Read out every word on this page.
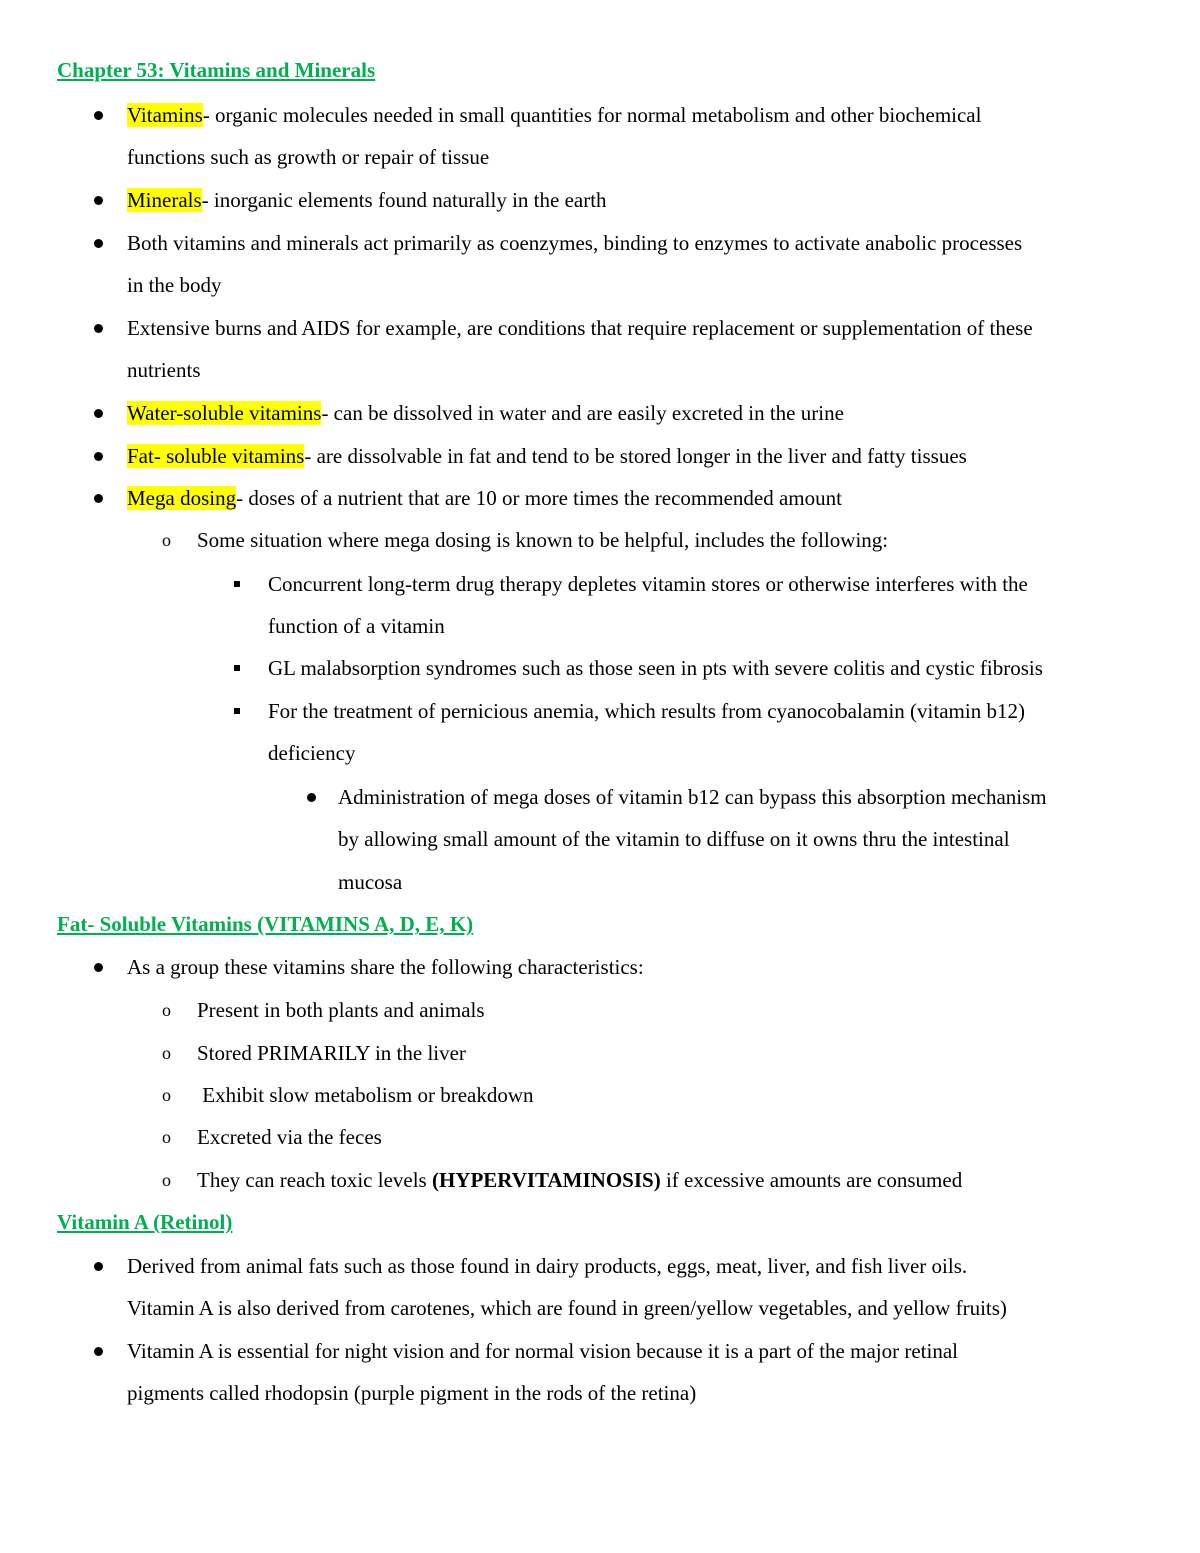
Chapter 53: Vitamins and Minerals

Vitamins- organic molecules needed in small quantities for normal metabolism and other biochemical

functions such as growth or repair of tissue

Minerals- inorganic elements found naturally in the earth

Both vitamins and minerals act primarily as coenzymes, binding to enzymes to activate anabolic processes

in the body

Extensive burns and AIDS for example, are conditions that require replacement or supplementation of these

nutrients

Water-soluble vitamins- can be dissolved in water and are easily excreted in the urine

Fat- soluble vitamins- are dissolvable in fat and tend to be stored longer in the liver and fatty tissues

Mega dosing- doses of a nutrient that are 10 or more times the recommended amount

o Some situation where mega dosing is known to be helpful, includes the following:

Concurrent long-term drug therapy depletes vitamin stores or otherwise interferes with the

function of a vitamin

GL malabsorption syndromes such as those seen in pts with severe colitis and cystic fibrosis

For the treatment of pernicious anemia, which results from cyanocobalamin (vitamin b12)

deficiency

Administration of mega doses of vitamin b12 can bypass this absorption mechanism

by allowing small amount of the vitamin to diffuse on it owns thru the intestinal

mucosa

Fat- Soluble Vitamins (VITAMINS A, D, E, K)

As a group these vitamins share the following characteristics:

o Present in both plants and animals

o Stored PRIMARILY in the liver

o Exhibit slow metabolism or breakdown

o Excreted via the feces

o They can reach toxic levels (HYPERVITAMINOSIS) if excessive amounts are consumed

Vitamin A (Retinol)

Derived from animal fats such as those found in dairy products, eggs, meat, liver, and fish liver oils.

Vitamin A is also derived from carotenes, which are found in green/yellow vegetables, and yellow fruits)

Vitamin A is essential for night vision and for normal vision because it is a part of the major retinal

pigments called rhodopsin (purple pigment in the rods of the retina)
